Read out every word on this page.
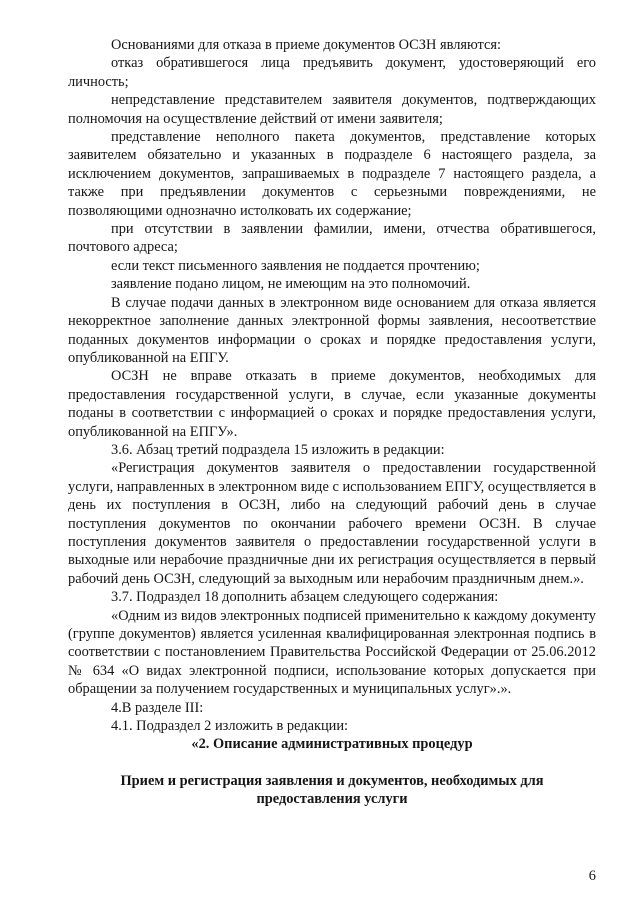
Основаниями для отказа в приеме документов ОСЗН являются:

отказ обратившегося лица предъявить документ, удостоверяющий его личность;

непредставление представителем заявителя документов, подтверждающих полномочия на осуществление действий от имени заявителя;

представление неполного пакета документов, представление которых заявителем обязательно и указанных в подразделе 6 настоящего раздела, за исключением документов, запрашиваемых в подразделе 7 настоящего раздела, а также при предъявлении документов с серьезными повреждениями, не позволяющими однозначно истолковать их содержание;

при отсутствии в заявлении фамилии, имени, отчества обратившегося, почтового адреса;

если текст письменного заявления не поддается прочтению;

заявление подано лицом, не имеющим на это полномочий.

В случае подачи данных в электронном виде основанием для отказа является некорректное заполнение данных электронной формы заявления, несоответствие поданных документов информации о сроках и порядке предоставления услуги, опубликованной на ЕПГУ.

ОСЗН не вправе отказать в приеме документов, необходимых для предоставления государственной услуги, в случае, если указанные документы поданы в соответствии с информацией о сроках и порядке предоставления услуги, опубликованной на ЕПГУ».

3.6. Абзац третий подраздела 15 изложить в редакции:

«Регистрация документов заявителя о предоставлении государственной услуги, направленных в электронном виде с использованием ЕПГУ, осуществляется в день их поступления в ОСЗН, либо на следующий рабочий день в случае поступления документов по окончании рабочего времени ОСЗН. В случае поступления документов заявителя о предоставлении государственной услуги в выходные или нерабочие праздничные дни их регистрация осуществляется в первый рабочий день ОСЗН, следующий за выходным или нерабочим праздничным днем.».

3.7. Подраздел 18 дополнить абзацем следующего содержания:

«Одним из видов электронных подписей применительно к каждому документу (группе документов) является усиленная квалифицированная электронная подпись в соответствии с постановлением Правительства Российской Федерации от 25.06.2012 № 634 «О видах электронной подписи, использование которых допускается при обращении за получением государственных и муниципальных услуг».».

4.В разделе III:

4.1. Подраздел 2 изложить в редакции:

«2. Описание административных процедур

Прием и регистрация заявления и документов, необходимых для предоставления услуги

6
